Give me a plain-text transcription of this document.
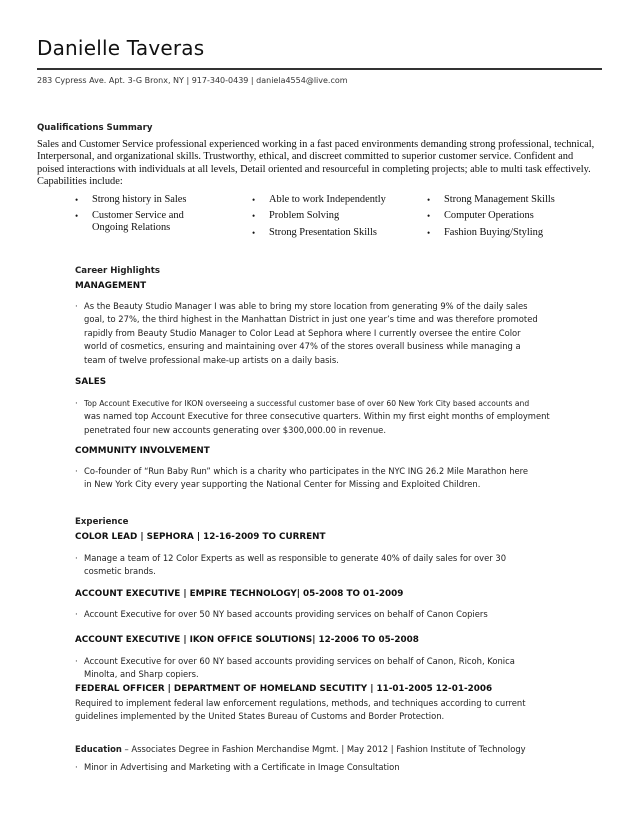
Danielle Taveras
283 Cypress Ave. Apt. 3-G Bronx, NY | 917-340-0439 | daniela4554@live.com
Qualifications Summary
Sales and Customer Service professional experienced working in a fast paced environments demanding strong professional, technical,
Interpersonal, and organizational skills. Trustworthy, ethical, and discreet committed to superior customer service. Confident and
poised interactions with individuals at all levels, Detail oriented and resourceful in completing projects; able to multi task effectively.
Capabilities include:
• Strong history in Sales
• Customer Service and
Ongoing Relations
• Able to work Independently
• Problem Solving
• Strong Presentation Skills
• Strong Management Skills
• Computer Operations
• Fashion Buying/Styling
Career Highlights
MANAGEMENT
· As the Beauty Studio Manager I was able to bring my store location from generating 9% of the daily sales
goal, to 27%, the third highest in the Manhattan District in just one year’s time and was therefore promoted
rapidly from Beauty Studio Manager to Color Lead at Sephora where I currently oversee the entire Color
world of cosmetics, ensuring and maintaining over 47% of the stores overall business while managing a
team of twelve professional make-up artists on a daily basis.
SALES
· Top Account Executive for IKON overseeing a successful customer base of over 60 New York City based accounts and
was named top Account Executive for three consecutive quarters. Within my first eight months of employment
penetrated four new accounts generating over $300,000.00 in revenue.
COMMUNITY INVOLVEMENT
· Co-founder of “Run Baby Run” which is a charity who participates in the NYC ING 26.2 Mile Marathon here
in New York City every year supporting the National Center for Missing and Exploited Children.
Experience
COLOR LEAD | SEPHORA | 12-16-2009 TO CURRENT
· Manage a team of 12 Color Experts as well as responsible to generate 40% of daily sales for over 30
cosmetic brands.
ACCOUNT EXECUTIVE | EMPIRE TECHNOLOGY| 05-2008 TO 01-2009
· Account Executive for over 50 NY based accounts providing services on behalf of Canon Copiers
ACCOUNT EXECUTIVE | IKON OFFICE SOLUTIONS| 12-2006 TO 05-2008
· Account Executive for over 60 NY based accounts providing services on behalf of Canon, Ricoh, Konica
Minolta, and Sharp copiers.
FEDERAL OFFICER | DEPARTMENT OF HOMELAND SECUTITY | 11-01-2005 12-01-2006
Required to implement federal law enforcement regulations, methods, and techniques according to current
guidelines implemented by the United States Bureau of Customs and Border Protection.
Education – Associates Degree in Fashion Merchandise Mgmt. | May 2012 | Fashion Institute of Technology
· Minor in Advertising and Marketing with a Certificate in Image Consultation
